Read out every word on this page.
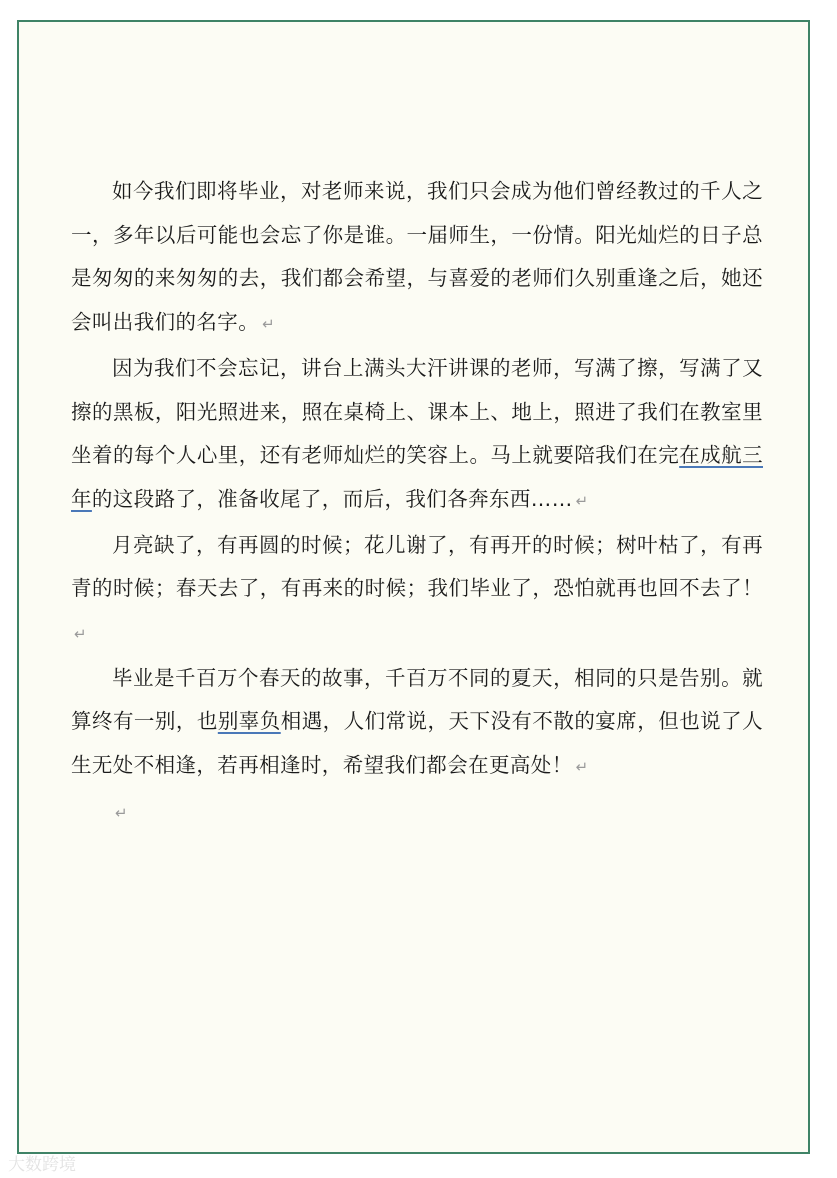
如今我们即将毕业，对老师来说，我们只会成为他们曾经教过的千人之一，多年以后可能也会忘了你是谁。一届师生，一份情。阳光灿烂的日子总是匆匆的来匆匆的去，我们都会希望，与喜爱的老师们久别重逢之后，她还会叫出我们的名字。 ↵

因为我们不会忘记，讲台上满头大汗讲课的老师，写满了擦，写满了又擦的黑板，阳光照进来，照在桌椅上、课本上、地上，照进了我们在教室里坐着的每个人心里，还有老师灿烂的笑容上。马上就要陪我们在完在成航三年的这段路了，准备收尾了，而后，我们各奔东西…… ↵

月亮缺了，有再圆的时候；花儿谢了，有再开的时候；树叶枯了，有再青的时候；春天去了，有再来的时候；我们毕业了，恐怕就再也回不去了！↵

毕业是千百万个春天的故事，千百万不同的夏天，相同的只是告别。就算终有一别，也别辜负相遇，人们常说，天下没有不散的宴席，但也说了人生无处不相逢，若再相逢时，希望我们都会在更高处！ ↵

↵

大数跨境
